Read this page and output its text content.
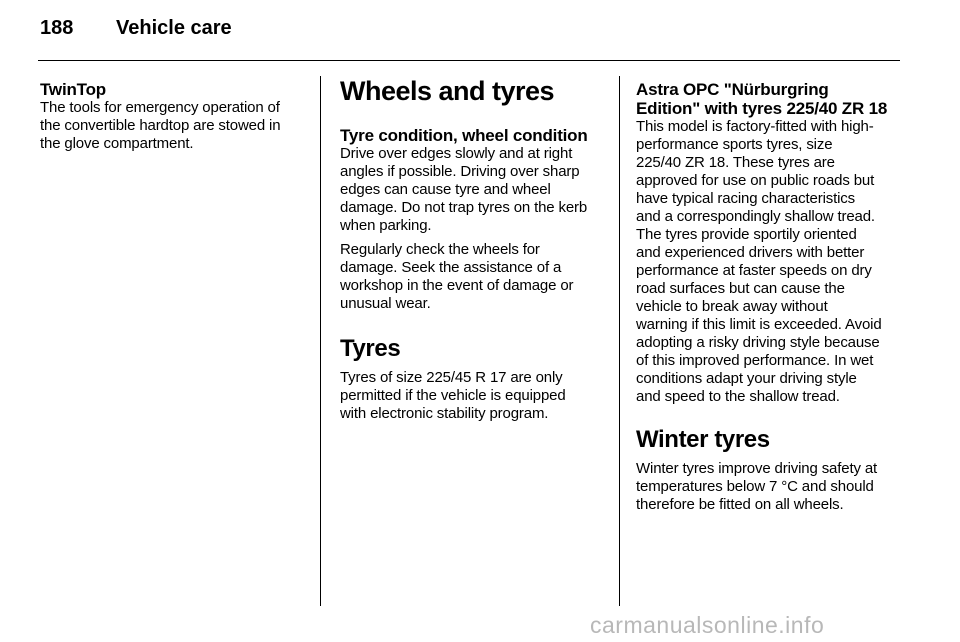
188 Vehicle care

TwinTop

The tools for emergency operation of
the convertible hardtop are stowed in
the glove compartment.

Wheels and tyres

Tyre condition, wheel condition

Drive over edges slowly and at right
angles if possible. Driving over sharp
edges can cause tyre and wheel
damage. Do not trap tyres on the kerb
when parking.

Regularly check the wheels for
damage. Seek the assistance of a
workshop in the event of damage or
unusual wear.

Tyres

Tyres of size 225/45 R 17 are only
permitted if the vehicle is equipped
with electronic stability program.

Astra OPC "Nürburgring
Edition" with tyres 225/40 ZR 18

This model is factory-fitted with high-
performance sports tyres, size
225/40 ZR 18. These tyres are
approved for use on public roads but
have typical racing characteristics
and a correspondingly shallow tread.
The tyres provide sportily oriented
and experienced drivers with better
performance at faster speeds on dry
road surfaces but can cause the
vehicle to break away without
warning if this limit is exceeded. Avoid
adopting a risky driving style because
of this improved performance. In wet
conditions adapt your driving style
and speed to the shallow tread.

Winter tyres

Winter tyres improve driving safety at
temperatures below 7 °C and should
therefore be fitted on all wheels.

carmanualsonline.info
